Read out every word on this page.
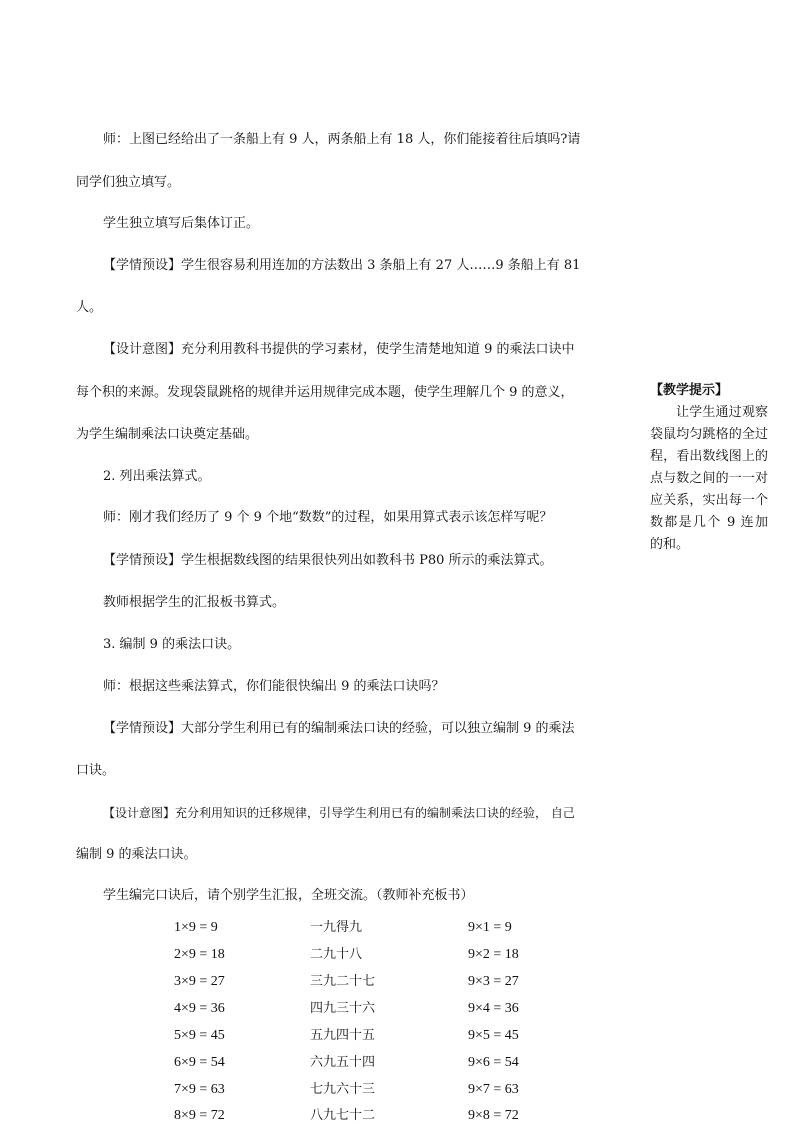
师：上图已经给出了一条船上有 9 人，两条船上有 18 人，你们能接着往后填吗?请
同学们独立填写。
学生独立填写后集体订正。
【学情预设】学生很容易利用连加的方法数出 3 条船上有 27 人……9 条船上有 81
人。
【设计意图】充分利用教科书提供的学习素材，使学生清楚地知道 9 的乘法口诀中
每个积的来源。发现袋鼠跳格的规律并运用规律完成本题，使学生理解几个 9 的意义，
为学生编制乘法口诀奠定基础。
2. 列出乘法算式。
师：刚才我们经历了 9 个 9 个地“数数”的过程，如果用算式表示该怎样写呢？
【学情预设】学生根据数线图的结果很快列出如教科书 P80 所示的乘法算式。
教师根据学生的汇报板书算式。
3. 编制 9 的乘法口诀。
师：根据这些乘法算式，你们能很快编出 9 的乘法口诀吗？
【学情预设】大部分学生利用已有的编制乘法口诀的经验，可以独立编制 9 的乘法
口诀。
【设计意图】充分利用知识的迁移规律，引导学生利用已有的编制乘法口诀的经验， 自己
编制 9 的乘法口诀。
学生编完口诀后，请个别学生汇报，全班交流。（教师补充板书）
【教学提示】
让学生通过观察袋鼠均匀跳格的全过程，看出数线图上的点与数之间的一一对应关系，实出每一个数都是几个 9 连加的和。
1×9 = 9	一九得九	9×1 = 9
2×9 = 18	二九十八	9×2 = 18
3×9 = 27	三九二十七	9×3 = 27
4×9 = 36	四九三十六	9×4 = 36
5×9 = 45	五九四十五	9×5 = 45
6×9 = 54	六九五十四	9×6 = 54
7×9 = 63	七九六十三	9×7 = 63
8×9 = 72	八九七十二	9×8 = 72
